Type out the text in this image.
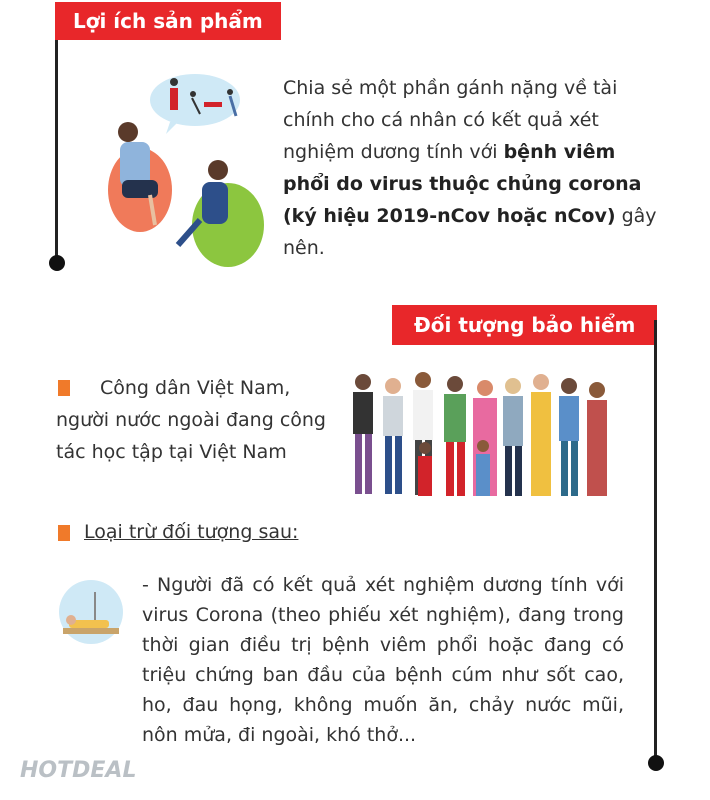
Lợi ích sản phẩm
Chia sẻ một phần gánh nặng về tài chính cho cá nhân có kết quả xét nghiệm dương tính với bệnh viêm phổi do virus thuộc chủng corona (ký hiệu 2019-nCov hoặc nCov) gây nên.
Đối tượng bảo hiểm
Công dân Việt Nam, người nước ngoài đang công tác học tập tại Việt Nam
Loại trừ đối tượng sau:
- Người đã có kết quả xét nghiệm dương tính với virus Corona (theo phiếu xét nghiệm), đang trong thời gian điều trị bệnh viêm phổi hoặc đang có triệu chứng ban đầu của bệnh cúm như sốt cao, ho, đau họng, không muốn ăn, chảy nước mũi, nôn mửa, đi ngoài, khó thở...
HOTDEAL
